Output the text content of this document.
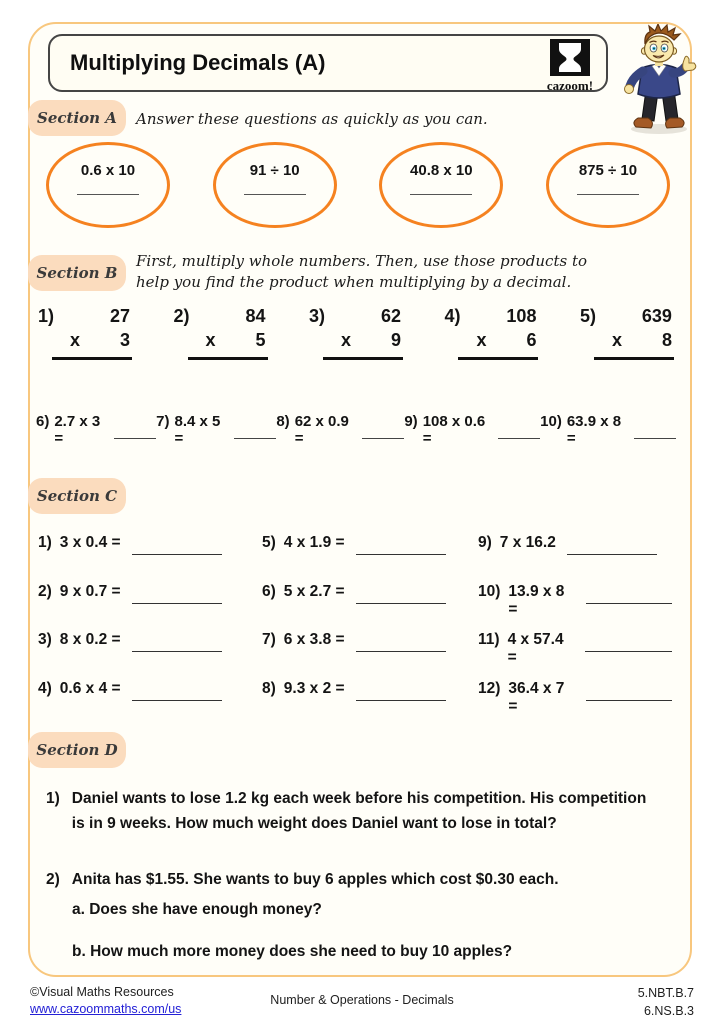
Multiplying Decimals (A)
cazoom!
Section A	Answer these questions as quickly as you can.
0.6 x 10	91 ÷ 10	40.8 x 10	875 ÷ 10
Section B
First, multiply whole numbers. Then, use those products to help you find the product when multiplying by a decimal.
1)	27
x 3
2)	84
x 5
3)	62
x 9
4)	108
x 6
5)	639
x 8
6) 2.7 x 3 =
7) 8.4 x 5 =
8) 62 x 0.9 =
9) 108 x 0.6 =
10) 63.9 x 8 =
Section C
1) 3 x 0.4 =	5) 4 x 1.9 =	9) 7 x 16.2
2) 9 x 0.7 =	6) 5 x 2.7 =	10) 13.9 x 8 =
3) 8 x 0.2 =	7) 6 x 3.8 =	11) 4 x 57.4 =
4) 0.6 x 4 =	8) 9.3 x 2 =	12) 36.4 x 7 =
Section D
1) Daniel wants to lose 1.2 kg each week before his competition. His competition is in 9 weeks. How much weight does Daniel want to lose in total?
2) Anita has $1.55. She wants to buy 6 apples which cost $0.30 each.
a. Does she have enough money?
b. How much more money does she need to buy 10 apples?
©Visual Maths Resources
www.cazoommaths.com/us
Number & Operations - Decimals	5.NBT.B.7
6.NS.B.3
